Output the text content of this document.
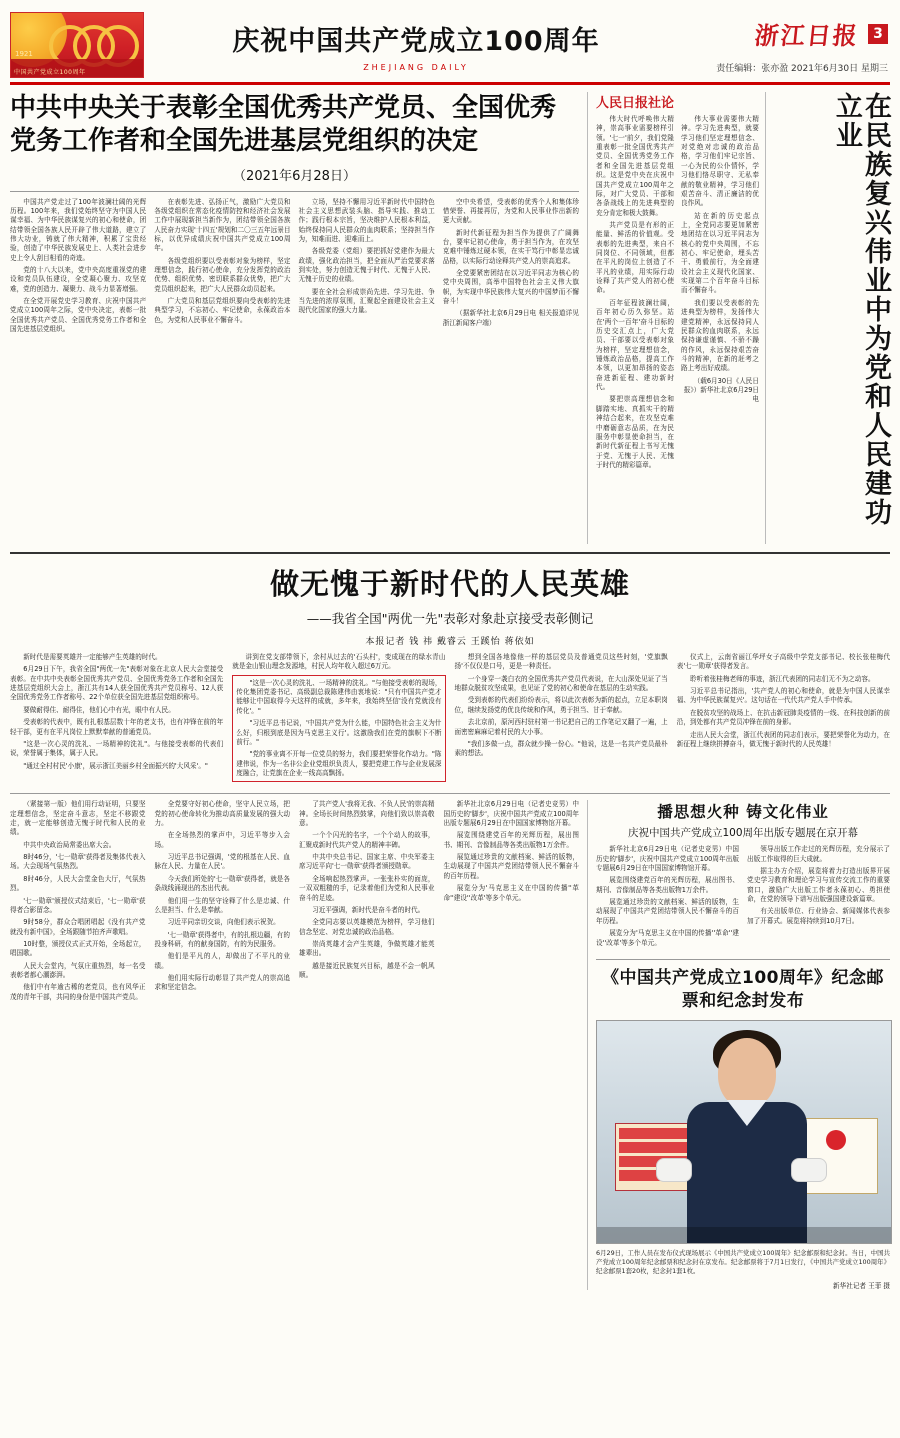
1921
中国共产党成立100周年
庆祝中国共产党成立100周年
ZHEJIANG DAILY
浙江日报 3
责任编辑：张亦盈 2021年6月30日 星期三
中共中央关于表彰全国优秀共产党员、全国优秀党务工作者和全国先进基层党组织的决定
（2021年6月28日）

中国共产党走过了100年波澜壮阔的光辉历程。100年来，我们党始终坚守为中国人民谋幸福、为中华民族谋复兴的初心和使命，团结带领全国各族人民开辟了伟大道路，建立了伟大功业，铸就了伟大精神，积累了宝贵经验，创造了中华民族发展史上、人类社会进步史上令人刮目相看的奇迹。

党的十八大以来，党中央高度重视党的建设和党员队伍建设，全党凝心聚力、攻坚克难，党的创造力、凝聚力、战斗力显著增强。

在全党开展党史学习教育、庆祝中国共产党成立100周年之际，党中央决定，表彰一批全国优秀共产党员、全国优秀党务工作者和全国先进基层党组织。

在表彰先进、弘扬正气，激励广大党员和各级党组织在常态化疫情防控和经济社会发展工作中展现新担当新作为，团结带领全国各族人民奋力实现'十四五'规划和二〇三五年远景目标，以优异成绩庆祝中国共产党成立100周年。

各级党组织要以受表彰对象为榜样，坚定理想信念，践行初心使命，充分发挥党的政治优势、组织优势、密切联系群众优势，把广大党员组织起来，把广大人民群众动员起来。

广大党员和基层党组织要向受表彰的先进典型学习，不忘初心、牢记使命，永葆政治本色，为党和人民事业不懈奋斗。

立场，坚持不懈用习近平新时代中国特色社会主义思想武装头脑、指导实践、推动工作；践行根本宗旨，坚决维护人民根本利益，始终保持同人民群众的血肉联系；坚持担当作为，知难而进、迎难而上。

各级党委（党组）要把抓好党建作为最大政绩，强化政治担当，把全面从严治党要求落到实处，努力创造无愧于时代、无愧于人民、无愧于历史的业绩。

要在全社会形成崇尚先进、学习先进、争当先进的浓厚氛围，汇聚起全面建设社会主义现代化国家的强大力量。

空中央希望，受表彰的优秀个人和集体珍惜荣誉、再接再厉，为党和人民事业作出新的更大贡献。

新时代新征程为担当作为提供了广阔舞台，要牢记初心使命，勇于担当作为，在攻坚克难中锤炼过硬本领，在实干笃行中彰显忠诚品格，以实际行动诠释共产党人的崇高追求。

全党要紧密团结在以习近平同志为核心的党中央周围，高举中国特色社会主义伟大旗帜，为实现中华民族伟大复兴的中国梦而不懈奋斗！

（据新华社北京6月29日电 相关报道详见浙江新闻客户端）

人民日报社论

伟大时代呼唤伟大精神，崇高事业需要榜样引领。'七一'前夕，我们党隆重表彰一批全国优秀共产党员、全国优秀党务工作者和全国先进基层党组织。这是党中央在庆祝中国共产党成立100周年之际，对广大党员、干部和各条战线上的先进典型的充分肯定和极大鼓舞。

共产党员是有形的正能量、鲜活的价值观。受表彰的先进典型，来自不同岗位、不同领域，但都在平凡的岗位上创造了不平凡的业绩，用实际行动诠释了共产党人的初心使命。

百年征程波澜壮阔，百年初心历久弥坚。站在'两个一百年'奋斗目标的历史交汇点上，广大党员、干部要以受表彰对象为榜样，坚定理想信念，锤炼政治品格，提高工作本领，以更加昂扬的姿态奋进新征程、建功新时代。

要把崇高理想信念和脚踏实地、真抓实干的精神结合起来，在攻坚克难中磨砺意志品质，在为民服务中彰显使命担当，在新时代新征程上书写无愧于党、无愧于人民、无愧于时代的精彩篇章。

伟大事业需要伟大精神。学习先进典型，就要学习他们坚定理想信念、对党绝对忠诚的政治品格，学习他们牢记宗旨、一心为民的公仆情怀，学习他们恪尽职守、无私奉献的敬业精神，学习他们艰苦奋斗、清正廉洁的优良作风。

站在新的历史起点上，全党同志要更加紧密地团结在以习近平同志为核心的党中央周围，不忘初心、牢记使命，埋头苦干、勇毅前行，为全面建设社会主义现代化国家、实现第二个百年奋斗目标而不懈奋斗。

我们要以受表彰的先进典型为榜样，发扬伟大建党精神，永远保持同人民群众的血肉联系，永远保持谦虚谨慎、不骄不躁的作风，永远保持艰苦奋斗的精神，在新的赶考之路上考出好成绩。

（载6月30日《人民日报》）新华社北京6月29日电	在民族复兴伟业中为党和人民建功立业
做无愧于新时代的人民英雄
——我省全国"两优一先"表彰对象赴京接受表彰侧记
本报记者 钱 祎 戴睿云 王蹊怡 蒋依如

新时代是需要英雄并一定能够产生英雄的时代。

6月29日下午，我省全国"两优一先"表彰对象在北京人民大会堂接受表彰。在中共中央表彰全国优秀共产党员、全国优秀党务工作者和全国先进基层党组织大会上，浙江共有14人获全国优秀共产党员称号、12人获全国优秀党务工作者称号、22个单位获全国先进基层党组织称号。

要做耐得住、耐得住，他们心中有光，眼中有人民。

受表彰的代表中，既有扎根基层数十年的老支书，也有冲锋在前的年轻干部，更有在平凡岗位上默默奉献的普通党员。

"这是一次心灵的洗礼、一场精神的洗礼"。与他接受表彰的代表们说，荣誉属于集体，属于人民。

"通过全村村民'小康'，展示浙江美丽乡村全面振兴的'大风采'。"

讲到在党支部带领下，余村从过去的'石头村'，变成现在的绿水青山就是金山银山理念发源地，村民人均年收入超过6万元。

"这是一次心灵的洗礼、一场精神的洗礼。"与他接受表彰的现场，传化集团党委书记、高级副总裁陈建伟由衷地说："只有中国共产党才能够让中国取得今天这样的成就，多年来，我始终坚信'没有党就没有传化'。"

"习近平总书记说，'中国共产党为什么能，中国特色社会主义为什么好，归根到底是因为马克思主义行'。这激励我们在党的旗帜下不断前行。"

"党的事业离不开每一位党员的努力，我们要把荣誉化作动力。"陈建伟说，作为一名非公企业党组织负责人，要把党建工作与企业发展深度融合，让党旗在企业一线高高飘扬。

想到全国各地像他一样的基层党员及普通党员这些时刻，'党旗飘扬'不仅仅是口号，更是一种责任。

一个身穿一袭白衣的全国优秀共产党员代表说，在大山深处见证了当地群众脱贫攻坚成果，也见证了党的初心和使命在基层的生动实践。

受到表彰的代表们纷纷表示，将以此次表彰为新的起点，立足本职岗位，继续发扬党的优良传统和作风，勇于担当、甘于奉献。

去北京前，原河西村驻村第一书记把自己的工作笔记又翻了一遍，上面密密麻麻记着村民的大小事。

"我们多做一点，群众就少操一份心。"他说，这是一名共产党员最朴素的想法。

仪式上，云南省丽江华坪女子高级中学党支部书记、校长张桂梅代表'七一勋章'获得者发言。

聆听着张桂梅老师的事迹，浙江代表团的同志们无不为之动容。

习近平总书记指出，'共产党人的初心和使命，就是为中国人民谋幸福、为中华民族谋复兴'。这句话在一代代共产党人手中传承。

在脱贫攻坚的战场上、在抗击新冠肺炎疫情的一线、在科技创新的前沿，到处都有共产党员冲锋在前的身影。

走出人民大会堂，浙江代表团的同志们表示，要把荣誉化为动力，在新征程上继续拼搏奋斗，做无愧于新时代的人民英雄！

（紧接第一版）他们用行动证明，只要坚定理想信念，坚定奋斗意志，坚定不移跟党走，就一定能够创造无愧于时代和人民的业绩。

中共中央政治局常委出席大会。

8时46分，'七一勋章'获得者及集体代表入场。大会现场气氛热烈。

8时46分，人民大会堂金色大厅，气氛热烈。

'七一勋章'颁授仪式结束后，'七一勋章'获得者合影留念。

9时58分，群众合唱团唱起《没有共产党就没有新中国》，全场跟随节拍齐声歌唱。

10时整，颁授仪式正式开始，全场起立，唱国歌。

人民大会堂内，气氛庄重热烈，每一名受表彰者都心潮澎湃。

他们中有年逾古稀的老党员，也有风华正茂的青年干部，共同的身份是中国共产党员。

全党要守好初心使命，坚守人民立场，把党的初心使命转化为推动高质量发展的强大动力。

在全场热烈的掌声中，习近平等步入会场。

习近平总书记强调，'党的根基在人民、血脉在人民、力量在人民'。

今天我们所处的'七一勋章'获得者，就是各条战线涌现出的杰出代表。

他们用一生的坚守诠释了什么是忠诚、什么是担当、什么是奉献。

习近平同亲切交谈，向他们表示祝贺。

'七一勋章'获得者中，有的扎根边疆，有的投身科研，有的献身国防，有的为民服务。

他们是平凡的人，却做出了不平凡的业绩。

他们用实际行动彰显了共产党人的崇高追求和坚定信念。

了共产党人'我将无我、不负人民'的崇高精神。全场长时间热烈鼓掌，向他们致以崇高敬意。

一个个闪光的名字，一个个动人的故事，汇聚成新时代共产党人的精神丰碑。

中共中央总书记、国家主席、中央军委主席习近平向'七一勋章'获得者颁授勋章。

全场响起热烈掌声。一张张朴实的面庞，一双双粗糙的手，记录着他们为党和人民事业奋斗的足迹。

习近平强调，新时代是奋斗者的时代。

全党同志要以英雄模范为榜样，学习他们信念坚定、对党忠诚的政治品格。

崇尚英雄才会产生英雄，争做英雄才能英雄辈出。

越是接近民族复兴目标，越是不会一帆风顺。

新华社北京6月29日电（记者史竞男）中国历史的'脚步'，庆祝中国共产党成立100周年出版专题展6月29日在中国国家博物馆开幕。

展览围绕建党百年的光辉历程，展出图书、期刊、音像制品等各类出版物1万余件。

展览通过珍贵的文献档案、鲜活的版物，生动展现了中国共产党团结带领人民不懈奋斗的百年历程。

展览分为'马克思主义在中国的传播''革命''建设''改革'等多个单元。

播思想火种 铸文化伟业
庆祝中国共产党成立100周年出版专题展在京开幕

新华社北京6月29日电（记者史竞男）中国历史的'脚步'，庆祝中国共产党成立100周年出版专题展6月29日在中国国家博物馆开幕。

展览围绕建党百年的光辉历程，展出图书、期刊、音像制品等各类出版物1万余件。

展览通过珍贵的文献档案、鲜活的版物，生动展现了中国共产党团结带领人民不懈奋斗的百年历程。

展览分为'马克思主义在中国的传播''革命''建设''改革'等多个单元。

领导出版工作走过的光辉历程，充分展示了出版工作取得的巨大成就。

据主办方介绍，展览将着力打造出版界开展党史学习教育和理论学习与宣传交流工作的重要窗口，激励广大出版工作者永葆初心、勇担使命，在党的领导下谱写出版强国建设新篇章。

有关出版单位、行业协会、新闻媒体代表参加了开幕式。展览将持续到10月7日。

《中国共产党成立100周年》纪念邮票和纪念封发布
6月29日，工作人员在发布仪式现场展示《中国共产党成立100周年》纪念邮票和纪念封。当日，中国共产党成立100周年纪念邮票和纪念封在京发布。纪念邮票将于7月1日发行，《中国共产党成立100周年》纪念邮票1套20枚，纪念封1套1枚。
新华社记者 王菲 摄
